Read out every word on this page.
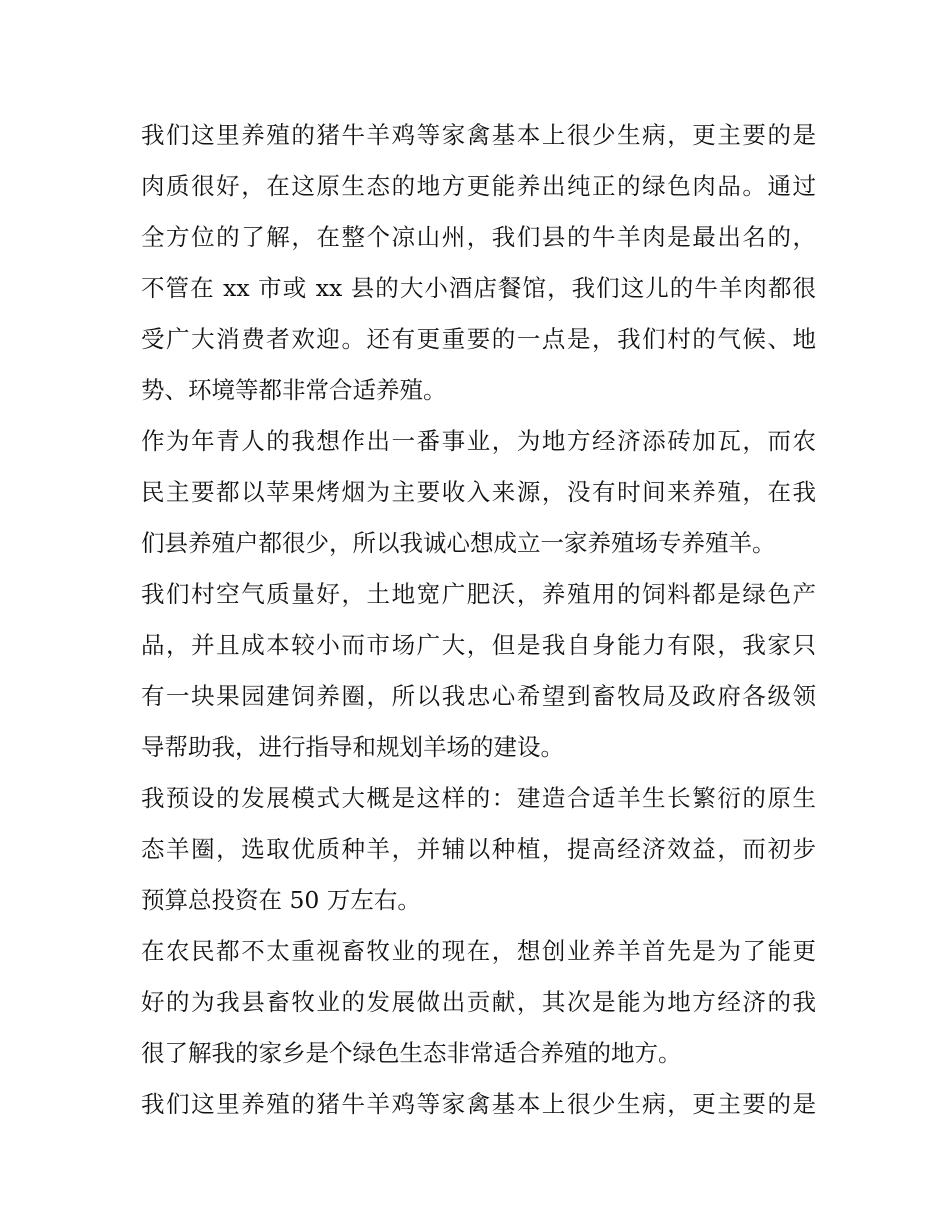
我们这里养殖的猪牛羊鸡等家禽基本上很少生病，更主要的是
肉质很好，在这原生态的地方更能养出纯正的绿色肉品。通过
全方位的了解，在整个凉山州，我们县的牛羊肉是最出名的，
不管在 xx 市或 xx 县的大小酒店餐馆，我们这儿的牛羊肉都很
受广大消费者欢迎。还有更重要的一点是，我们村的气候、地
势、环境等都非常合适养殖。
作为年青人的我想作出一番事业，为地方经济添砖加瓦，而农
民主要都以苹果烤烟为主要收入来源，没有时间来养殖，在我
们县养殖户都很少，所以我诚心想成立一家养殖场专养殖羊。
我们村空气质量好，土地宽广肥沃，养殖用的饲料都是绿色产
品，并且成本较小而市场广大，但是我自身能力有限，我家只
有一块果园建饲养圈，所以我忠心希望到畜牧局及政府各级领
导帮助我，进行指导和规划羊场的建设。
我预设的发展模式大概是这样的：建造合适羊生长繁衍的原生
态羊圈，选取优质种羊，并辅以种植，提高经济效益，而初步
预算总投资在 50 万左右。
在农民都不太重视畜牧业的现在，想创业养羊首先是为了能更
好的为我县畜牧业的发展做出贡献，其次是能为地方经济的我
很了解我的家乡是个绿色生态非常适合养殖的地方。
我们这里养殖的猪牛羊鸡等家禽基本上很少生病，更主要的是
